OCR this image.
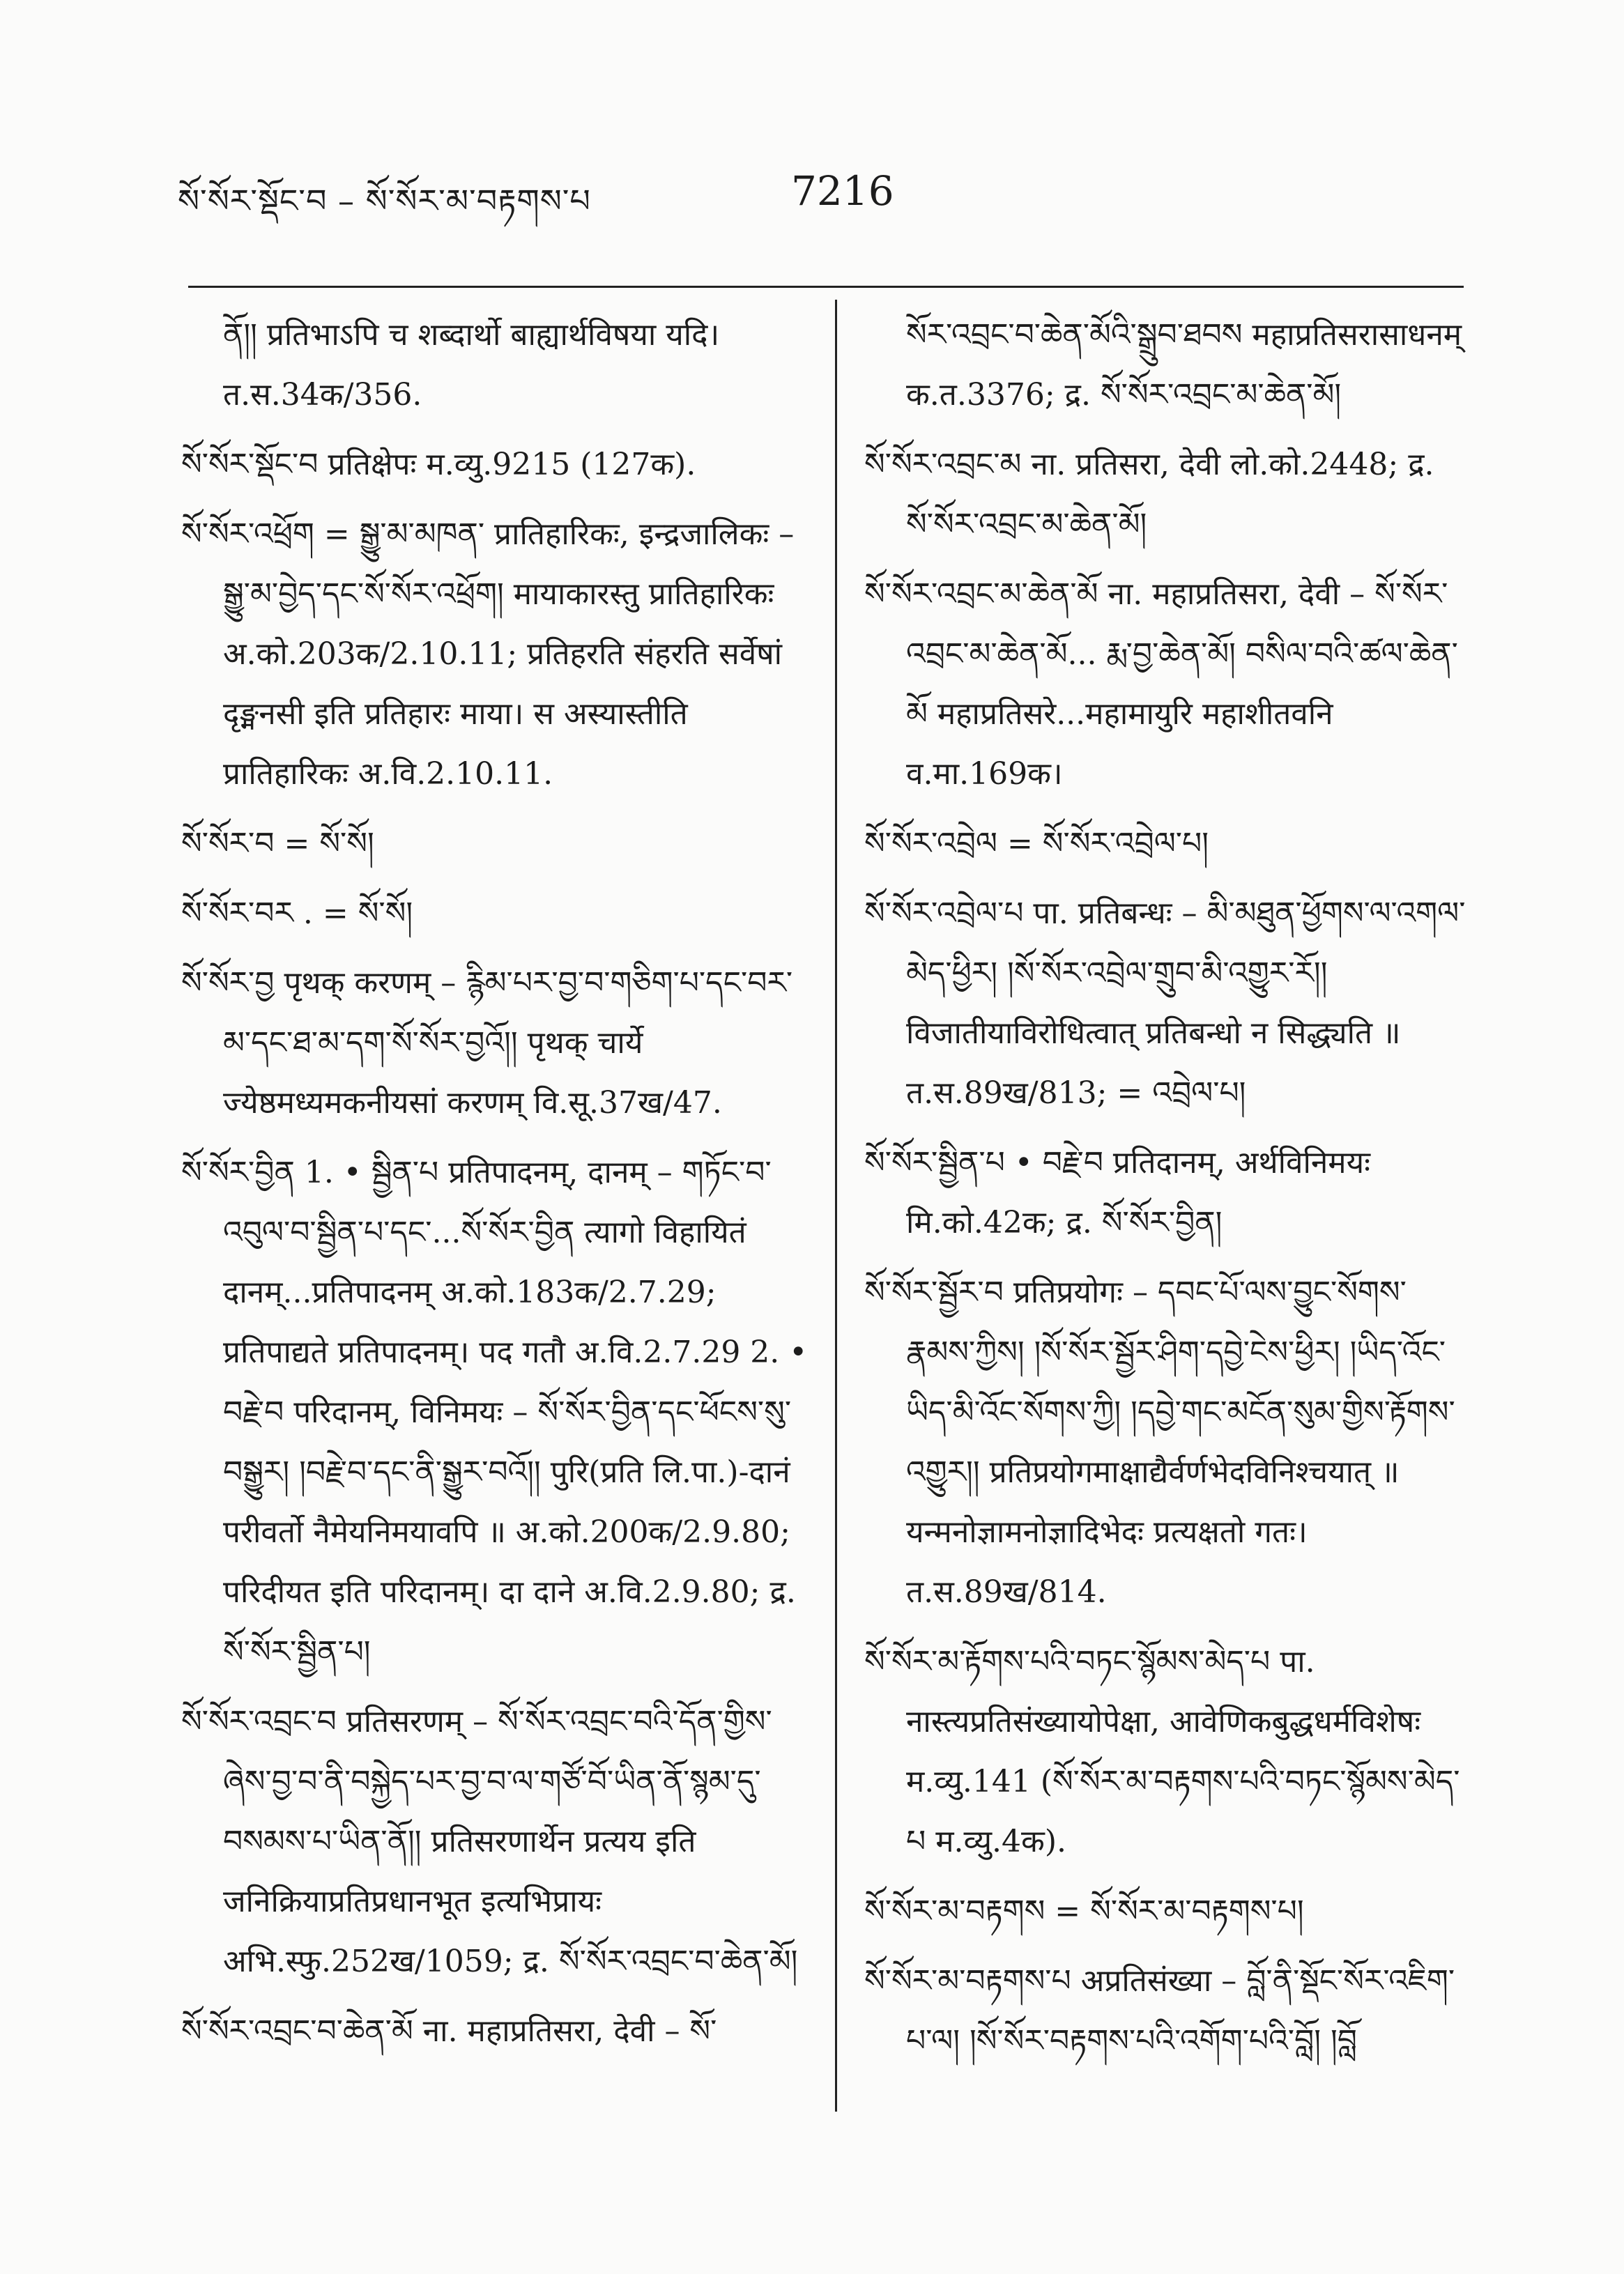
སོ་སོར་སྡོང་བ – སོ་སོར་མ་བརྟགས་པ	7216

ནོ།། प्रतिभाऽपि च शब्दार्थो बाह्यार्थविषया यदि। त.स.34क/356.

སོ་སོར་སྡོང་བ प्रतिक्षेपः म.व्यु.9215 (127क).

སོ་སོར་འཕྲོག = སྒྱུ་མ་མཁན་ प्रातिहारिकः, इन्द्रजालिकः – སྒྱུ་མ་བྱེད་དང་སོ་སོར་འཕྲོག། मायाकारस्तु प्रातिहारिकः अ.को.203क/2.10.11; प्रतिहरति संहरति सर्वेषां दृङ्मनसी इति प्रतिहारः माया। स अस्यास्तीति प्रातिहारिकः अ.वि.2.10.11.

སོ་སོར་བ = སོ་སོ།

སོ་སོར་བར . = སོ་སོ།

སོ་སོར་བྱ पृथक् करणम् – རྙིམ་པར་བྱ་བ་གཅིག་པ་དང་བར་མ་དང་ཐ་མ་དག་སོ་སོར་བྱའོ།། पृथक् चार्ये ज्येष्ठमध्यमकनीयसां करणम् वि.सू.37ख/47.

སོ་སོར་བྱིན 1. • སྦྱིན་པ प्रतिपादनम्, दानम् – གཏོང་བ་འབུལ་བ་སྦྱིན་པ་དང་...སོ་སོར་བྱིན त्यागो विहायितं दानम्...प्रतिपादनम् अ.को.183क/2.7.29; प्रतिपाद्यते प्रतिपादनम्। पद गतौ अ.वि.2.7.29 2. • བརྗེ་བ परिदानम्, विनिमयः – སོ་སོར་བྱིན་དང་ཕོངས་སུ་བསྒྱུར། །བརྗེ་བ་དང་ནི་སྒྱུར་བའོ།། पुरि(प्रति लि.पा.)-दानं परीवर्तो नैमेयनिमयावपि ॥ अ.को.200क/2.9.80; परिदीयत इति परिदानम्। दा दाने अ.वि.2.9.80; द्र. སོ་སོར་སྦྱིན་པ།

སོ་སོར་འབྲང་བ प्रतिसरणम् – སོ་སོར་འབྲང་བའི་དོན་གྱིས་ཞེས་བྱ་བ་ནི་བསྐྱེད་པར་བྱ་བ་ལ་གཙོ་བོ་ཡིན་ནོ་སྙམ་དུ་བསམས་པ་ཡིན་ནོ།། प्रतिसरणार्थेन प्रत्यय इति जनिक्रियाप्रतिप्रधानभूत इत्यभिप्रायः अभि.स्फु.252ख/1059; द्र. སོ་སོར་འབྲང་བ་ཆེན་མོ།

སོ་སོར་འབྲང་བ་ཆེན་མོ ना. महाप्रतिसरा, देवी – སོ་

སོར་འབྲང་བ་ཆེན་མོའི་སྒྲུབ་ཐབས महाप्रतिसरासाधनम् क.त.3376; द्र. སོ་སོར་འབྲང་མ་ཆེན་མོ།

སོ་སོར་འབྲང་མ ना. प्रतिसरा, देवी लो.को.2448; द्र. སོ་སོར་འབྲང་མ་ཆེན་མོ།

སོ་སོར་འབྲང་མ་ཆེན་མོ ना. महाप्रतिसरा, देवी – སོ་སོར་འབྲང་མ་ཆེན་མོ... རྨ་བྱ་ཆེན་མོ། བསིལ་བའི་ཚལ་ཆེན་མོ महाप्रतिसरे...महामायुरि महाशीतवनि व.मा.169क।

སོ་སོར་འབྲེལ = སོ་སོར་འབྲེལ་པ།

སོ་སོར་འབྲེལ་པ पा. प्रतिबन्धः – མི་མཐུན་ཕྱོགས་ལ་འགལ་མེད་ཕྱིར། །སོ་སོར་འབྲེལ་གྲུབ་མི་འགྱུར་རོ།། विजातीयाविरोधित्वात् प्रतिबन्धो न सिद्ध्यति ॥ त.स.89ख/813; = འབྲེལ་པ།

སོ་སོར་སྦྱིན་པ • བརྗེ་བ प्रतिदानम्, अर्थविनिमयः मि.को.42क; द्र. སོ་སོར་བྱིན།

སོ་སོར་སྦྱོར་བ प्रतिप्रयोगः – དབང་པོ་ལས་བྱུང་སོགས་རྣམས་ཀྱིས། །སོ་སོར་སྦྱོར་ཤིག་དབྱེ་ངེས་ཕྱིར། །ཡིད་འོང་ཡིད་མི་འོང་སོགས་ཀྱི། །དབྱེ་གང་མངོན་སུམ་གྱིས་རྟོགས་འགྱུར།། प्रतिप्रयोगमाक्षाद्यैर्वर्णभेदविनिश्चयात् ॥ यन्मनोज्ञामनोज्ञादिभेदः प्रत्यक्षतो गतः। त.स.89ख/814.

སོ་སོར་མ་རྟོགས་པའི་བཏང་སྙོམས་མེད་པ पा. नास्त्यप्रतिसंख्यायोपेक्षा, आवेणिकबुद्धधर्मविशेषः म.व्यु.141 (སོ་སོར་མ་བརྟགས་པའི་བཏང་སྙོམས་མེད་པ म.व्यु.4क).

སོ་སོར་མ་བརྟགས = སོ་སོར་མ་བརྟགས་པ།

སོ་སོར་མ་བརྟགས་པ अप्रतिसंख्या – བློ་ནི་སྡོང་སོར་འཇིག་པ་ལ། །སོ་སོར་བརྟགས་པའི་འགོག་པའི་བློ། །བློ
